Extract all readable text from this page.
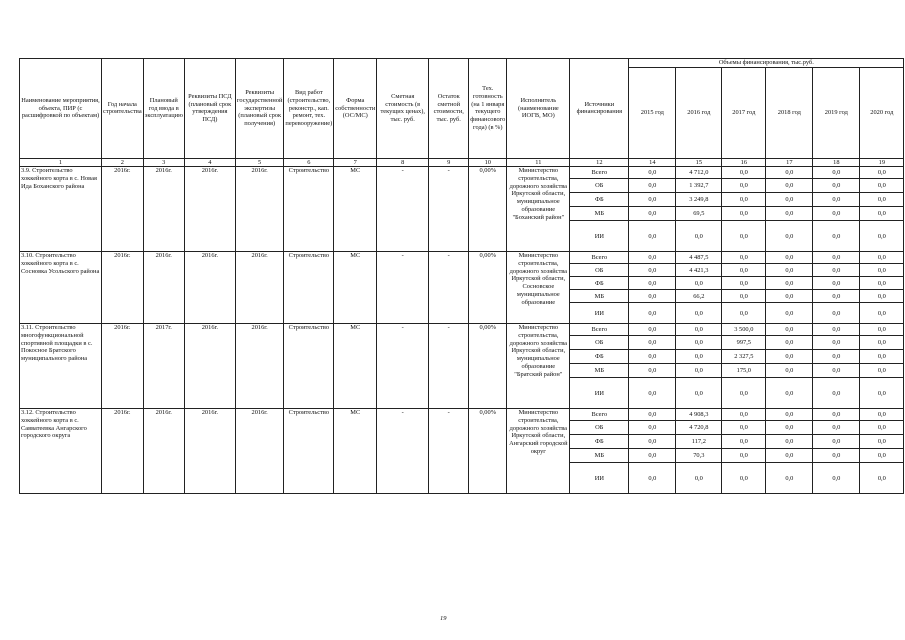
Наименование мероприятия, объекта, ПИР (с расшифровкой по объектам)	Год начала строительства	Плановый год ввода в эксплуатацию	Реквизиты ПСД (плановый срок утверждения ПСД)	Реквизиты государственной экспертизы (плановый срок получения)	Вид работ (строительство, реконстр., кап. ремонт, тех. перевооружение)	Форма собственности (ОС/МС)	Сметная стоимость (в текущих ценах), тыс. руб.	Остаток сметной стоимости, тыс. руб.	Тех. готовность (на 1 января текущего финансового года) (в %)	Исполнитель (наименование ИОГВ, МО)	Источники финансирования	Объемы финансирования, тыс.руб.					
												2015 год	2016 год	2017 год	2018 год	2019 год	2020 год
1	2	3	4	5	6	7	8	9	10	11	12	14	15	16	17	18	19
3.9. Строительство хоккейного корта в с. Новая Ида Боханского района	2016г.	2016г.	2016г.	2016г.	Строительство	МС	-	-	0,00%	Министерство строительства, дорожного хозяйства Иркутской области, муниципальное образование "Боханский район"	Всего	0,0	4 712,0	0,0	0,0	0,0	0,0
											ОБ	0,0	1 392,7	0,0	0,0	0,0	0,0
											ФБ	0,0	3 249,8	0,0	0,0	0,0	0,0
											МБ	0,0	69,5	0,0	0,0	0,0	0,0
											ИИ	0,0	0,0	0,0	0,0	0,0	0,0
3.10. Строительство хоккейного корта в с. Сосновка Усольского района	2016г.	2016г.	2016г.	2016г.	Строительство	МС	-	-	0,00%	Министерство строительства, дорожного хозяйства Иркутской области, Сосновское муниципальное образование	Всего	0,0	4 487,5	0,0	0,0	0,0	0,0
											ОБ	0,0	4 421,3	0,0	0,0	0,0	0,0
											ФБ	0,0	0,0	0,0	0,0	0,0	0,0
											МБ	0,0	66,2	0,0	0,0	0,0	0,0
											ИИ	0,0	0,0	0,0	0,0	0,0	0,0
3.11. Строительство многофункциональной спортивной площадки в с. Покосное Братского муниципального района	2016г.	2017г.	2016г.	2016г.	Строительство	МС	-	-	0,00%	Министерство строительства, дорожного хозяйства Иркутской области, муниципальное образование "Братский район"	Всего	0,0	0,0	3 500,0	0,0	0,0	0,0
											ОБ	0,0	0,0	997,5	0,0	0,0	0,0
											ФБ	0,0	0,0	2 327,5	0,0	0,0	0,0
											МБ	0,0	0,0	175,0	0,0	0,0	0,0
											ИИ	0,0	0,0	0,0	0,0	0,0	0,0
3.12. Строительство хоккейного корта в с. Савватеевка Ангарского городского округа	2016г.	2016г.	2016г.	2016г.	Строительство	МС	-	-	0,00%	Министерство строительства, дорожного хозяйства Иркутской области, Ангарский городской округ	Всего	0,0	4 908,3	0,0	0,0	0,0	0,0
											ОБ	0,0	4 720,8	0,0	0,0	0,0	0,0
											ФБ	0,0	117,2	0,0	0,0	0,0	0,0
											МБ	0,0	70,3	0,0	0,0	0,0	0,0
											ИИ	0,0	0,0	0,0	0,0	0,0	0,0
19
